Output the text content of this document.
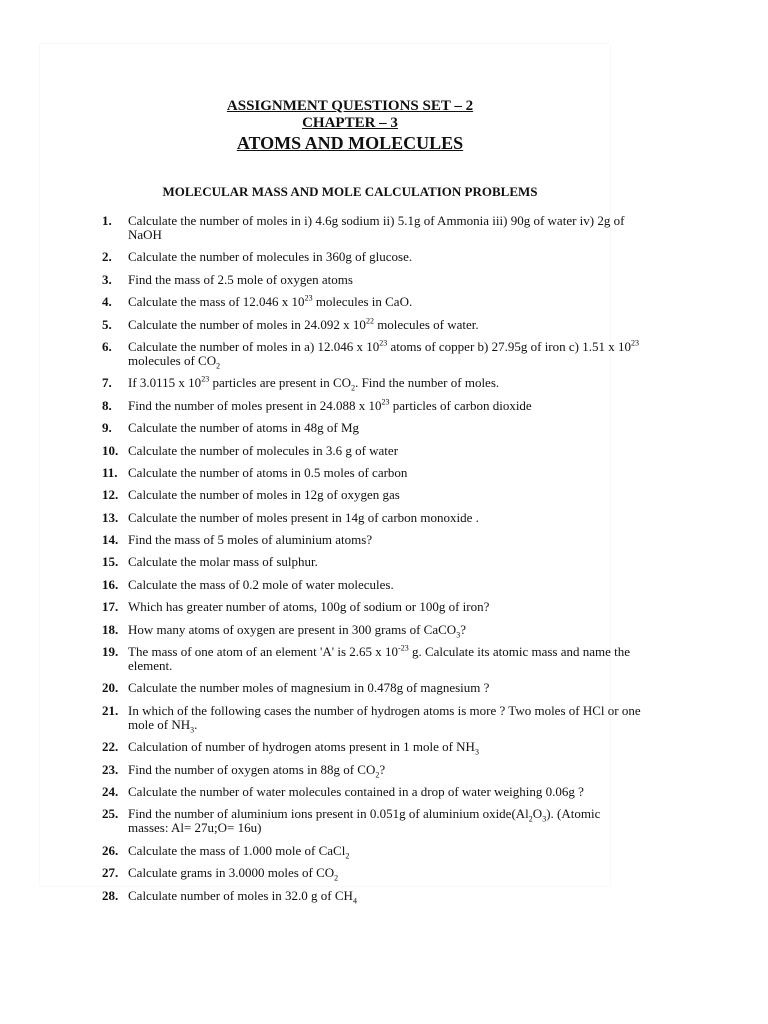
ASSIGNMENT QUESTIONS SET – 2
CHAPTER – 3
ATOMS AND MOLECULES
MOLECULAR MASS AND MOLE CALCULATION PROBLEMS
1. Calculate the number of moles in i) 4.6g sodium ii) 5.1g of Ammonia iii) 90g of water iv) 2g of NaOH
2. Calculate the number of molecules in 360g of glucose.
3. Find the mass of 2.5 mole of oxygen atoms
4. Calculate the mass of 12.046 x $10^{23}$ molecules in CaO.
5. Calculate the number of moles in 24.092 x $10^{22}$ molecules of water.
6. Calculate the number of moles in a) 12.046 x $10^{23}$ atoms of copper b) 27.95g of iron c) 1.51 x $10^{23}$ molecules of $CO_2$
7. If 3.0115 x $10^{23}$ particles are present in $CO_2$. Find the number of moles.
8. Find the number of moles present in 24.088 x $10^{23}$ particles of carbon dioxide
9. Calculate the number of atoms in 48g of Mg
10. Calculate the number of molecules in 3.6 g of water
11. Calculate the number of atoms in 0.5 moles of carbon
12. Calculate the number of moles in 12g of oxygen gas
13. Calculate the number of moles present in 14g of carbon monoxide .
14. Find the mass of 5 moles of aluminium atoms?
15. Calculate the molar mass of sulphur.
16. Calculate the mass of 0.2 mole of water molecules.
17. Which has greater number of atoms, 100g of sodium or 100g of iron?
18. How many atoms of oxygen are present in 300 grams of CaCO$_3$?
19. The mass of one atom of an element 'A' is 2.65 x $10^{-23}$ g. Calculate its atomic mass and name the element.
20. Calculate the number moles of magnesium in 0.478g of magnesium ?
21. In which of the following cases the number of hydrogen atoms is more ? Two moles of HCl or one mole of $NH_3$.
22. Calculation of number of hydrogen atoms present in 1 mole of $NH_3$
23. Find the number of oxygen atoms in 88g of $CO_2$?
24. Calculate the number of water molecules contained in a drop of water weighing 0.06g ?
25. Find the number of aluminium ions present in 0.051g of aluminium $oxide(Al_2O_3)$. (Atomic masses: Al= 27u;O= 16u)
26. Calculate the mass of 1.000 mole of CaCl$_2$
27. Calculate grams in 3.0000 moles of $CO_2$
28. Calculate number of moles in 32.0 g of $CH_4$
